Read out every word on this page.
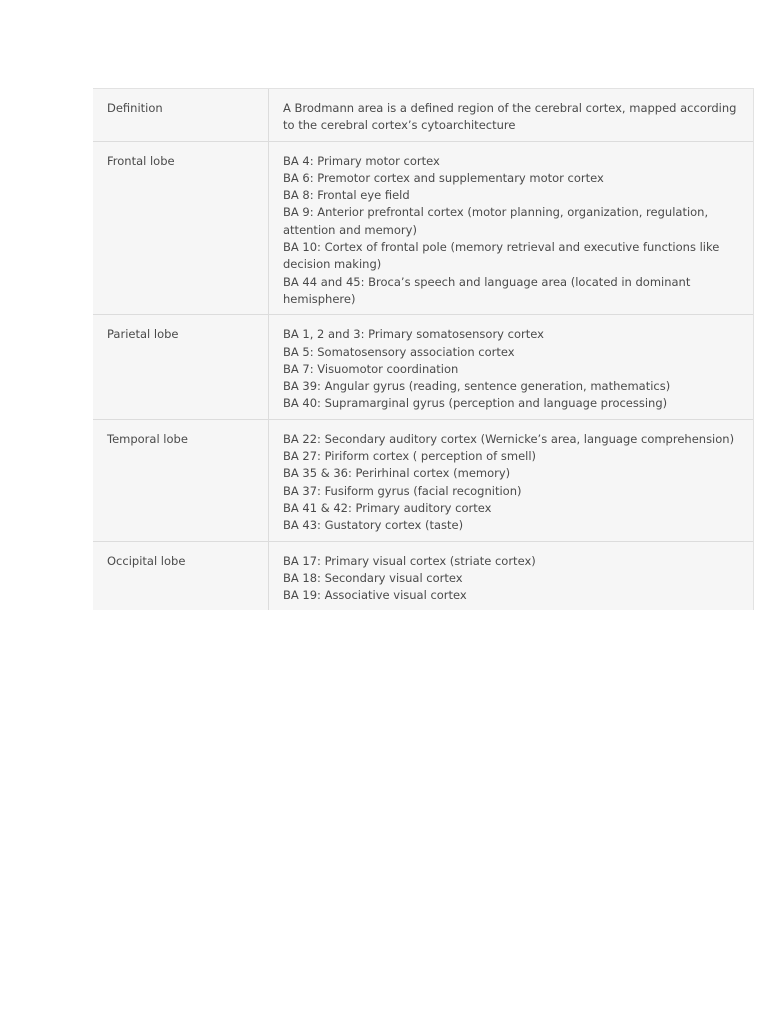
Definition	A Brodmann area is a defined region of the cerebral cortex, mapped according to the cerebral cortex’s cytoarchitecture
Frontal lobe	BA 4: Primary motor cortex
BA 6: Premotor cortex and supplementary motor cortex
BA 8: Frontal eye field
BA 9: Anterior prefrontal cortex (motor planning, organization, regulation, attention and memory)
BA 10: Cortex of frontal pole (memory retrieval and executive functions like decision making)
BA 44 and 45: Broca’s speech and language area (located in dominant hemisphere)
Parietal lobe	BA 1, 2 and 3: Primary somatosensory cortex
BA 5: Somatosensory association cortex
BA 7: Visuomotor coordination
BA 39: Angular gyrus (reading, sentence generation, mathematics)
BA 40: Supramarginal gyrus (perception and language processing)
Temporal lobe	BA 22: Secondary auditory cortex (Wernicke’s area, language comprehension)
BA 27: Piriform cortex ( perception of smell)
BA 35 & 36: Perirhinal cortex (memory)
BA 37: Fusiform gyrus (facial recognition)
BA 41 & 42: Primary auditory cortex
BA 43: Gustatory cortex (taste)
Occipital lobe	BA 17: Primary visual cortex (striate cortex)
BA 18: Secondary visual cortex
BA 19: Associative visual cortex
